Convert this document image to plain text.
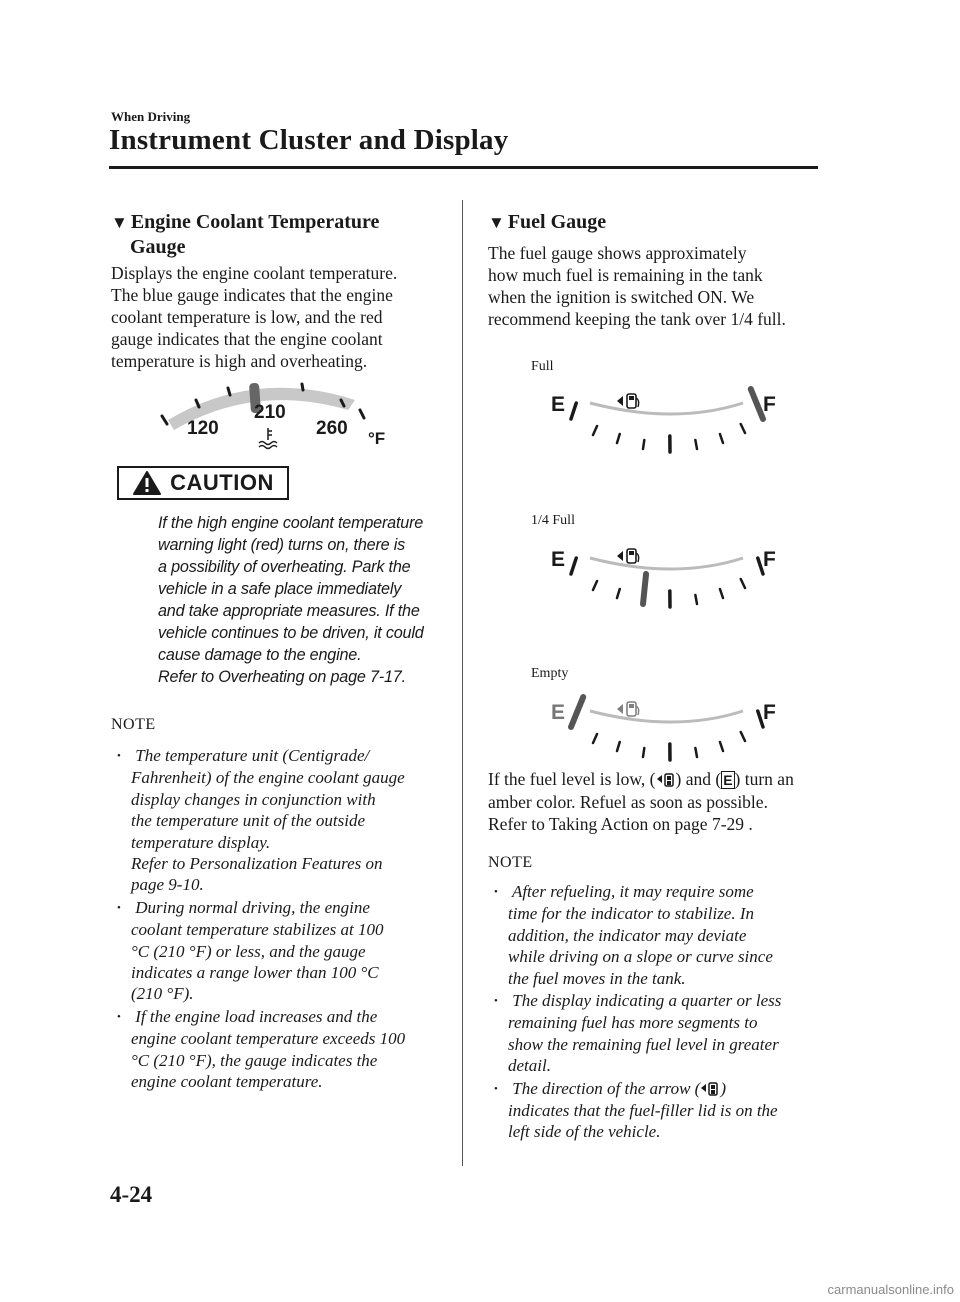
When Driving
Instrument Cluster and Display
▼ Engine Coolant Temperature
Gauge
Displays the engine coolant temperature.
The blue gauge indicates that the engine
coolant temperature is low, and the red
gauge indicates that the engine coolant
temperature is high and overheating.
120
210
260 °F
CAUTION
If the high engine coolant temperature
warning light (red) turns on, there is
a possibility of overheating. Park the
vehicle in a safe place immediately
and take appropriate measures. If the
vehicle continues to be driven, it could
cause damage to the engine.
Refer to Overheating on page 7-17.
NOTE
• The temperature unit (Centigrade/
Fahrenheit) of the engine coolant gauge
display changes in conjunction with
the temperature unit of the outside
temperature display.
Refer to Personalization Features on
page 9-10.
• During normal driving, the engine
coolant temperature stabilizes at 100
°C (210 °F) or less, and the gauge
indicates a range lower than 100 °C
(210 °F).
• If the engine load increases and the
engine coolant temperature exceeds 100
°C (210 °F), the gauge indicates the
engine coolant temperature.
▼ Fuel Gauge
The fuel gauge shows approximately
how much fuel is remaining in the tank
when the ignition is switched ON. We
recommend keeping the tank over 1/4 full.
Full
E	F
1/4 Full
E	F
Empty
E	F
If the fuel level is low, ( ) and ( E ) turn an
amber color. Refuel as soon as possible.
Refer to Taking Action on page 7-29 .
NOTE
• After refueling, it may require some
time for the indicator to stabilize. In
addition, the indicator may deviate
while driving on a slope or curve since
the fuel moves in the tank.
• The display indicating a quarter or less
remaining fuel has more segments to
show the remaining fuel level in greater
detail.
• The direction of the arrow ( )
indicates that the fuel-filler lid is on the
left side of the vehicle.
4-24
carmanualsonline.info
